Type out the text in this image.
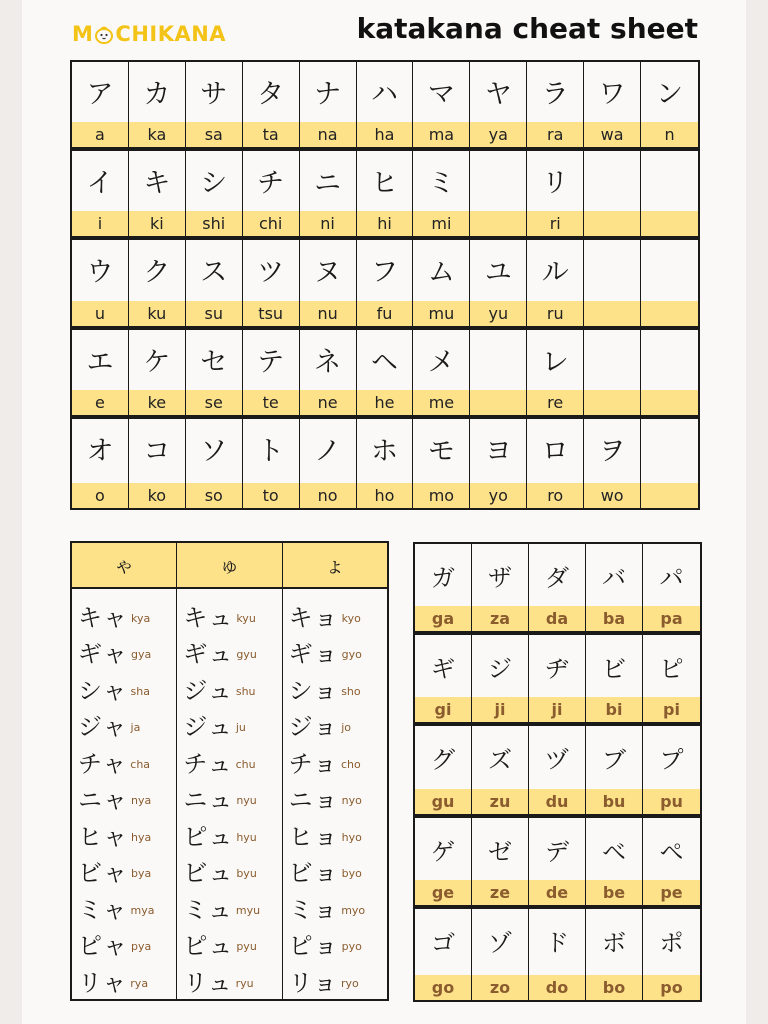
M CHIKANA	katakana cheat sheet
ア
a
カ
ka
サ
sa
タ
ta
ナ
na
ハ
ha
マ
ma
ヤ
ya
ラ
ra
ワ
wa
ン
n
イ
i
キ
ki
シ
shi
チ
chi
ニ
ni
ヒ
hi
ミ
mi
リ
ri
ウ
u
ク
ku
ス
su
ツ
tsu
ヌ
nu
フ
fu
ム
mu
ユ
yu
ル
ru
エ
e
ケ
ke
セ
se
テ
te
ネ
ne
ヘ
he
メ
me
レ
re
オ
o
コ
ko
ソ
so
ト
to
ノ
no
ホ
ho
モ
mo
ヨ
yo
ロ
ro
ヲ
wo
ゃ
キャ kya
ギャ gya
シャ sha
ジャ ja
チャ cha
ニャ nya
ヒャ hya
ビャ bya
ミャ mya
ピャ pya
リャ rya
ゅ
キュ kyu
ギュ gyu
ジュ shu
ジュ ju
チュ chu
ニュ nyu
ピュ hyu
ビュ byu
ミュ myu
ピュ pyu
リュ ryu
ょ
キョ kyo
ギョ gyo
ショ sho
ジョ jo
チョ cho
ニョ nyo
ヒョ hyo
ビョ byo
ミョ myo
ピョ pyo
リョ ryo
ガ
ga
ザ
za
ダ
da
バ
ba
パ
pa
ギ
gi
ジ
ji
ヂ
ji
ビ
bi
ピ
pi
グ
gu
ズ
zu
ヅ
du
ブ
bu
プ
pu
ゲ
ge
ゼ
ze
デ
de
ベ
be
ペ
pe
ゴ
go
ゾ
zo
ド
do
ボ
bo
ポ
po
